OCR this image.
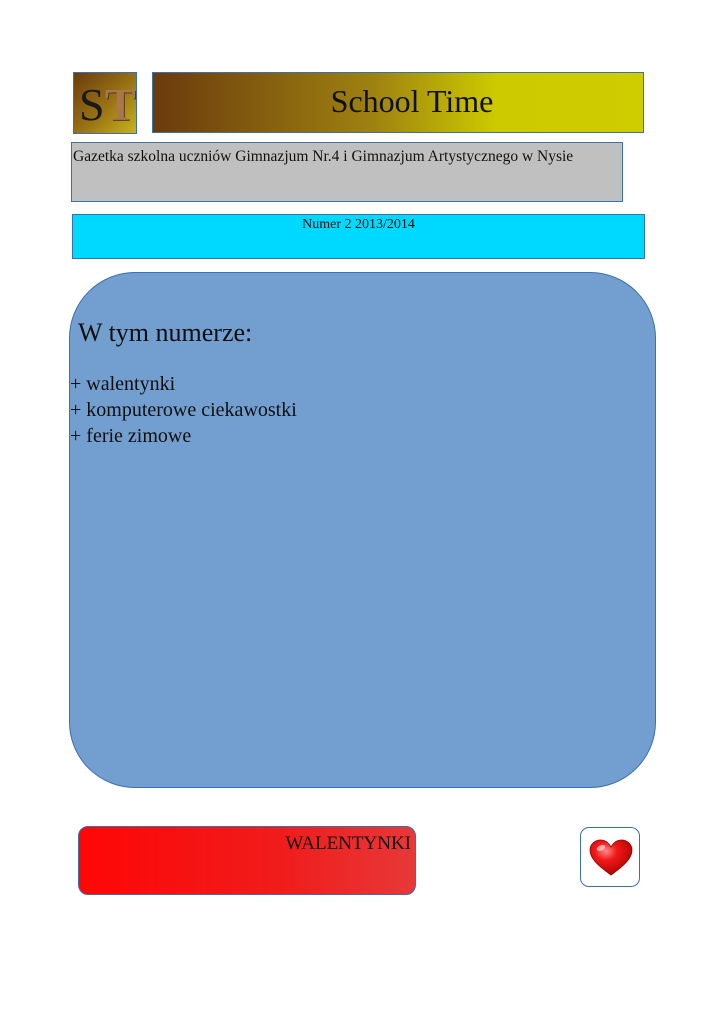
S T	School Time
Gazetka szkolna uczniów Gimnazjum Nr.4 i Gimnazjum Artystycznego w Nysie
Numer 2 2013/2014
W tym numerze:
+ walentynki
+ komputerowe ciekawostki
+ ferie zimowe
WALENTYNKI
